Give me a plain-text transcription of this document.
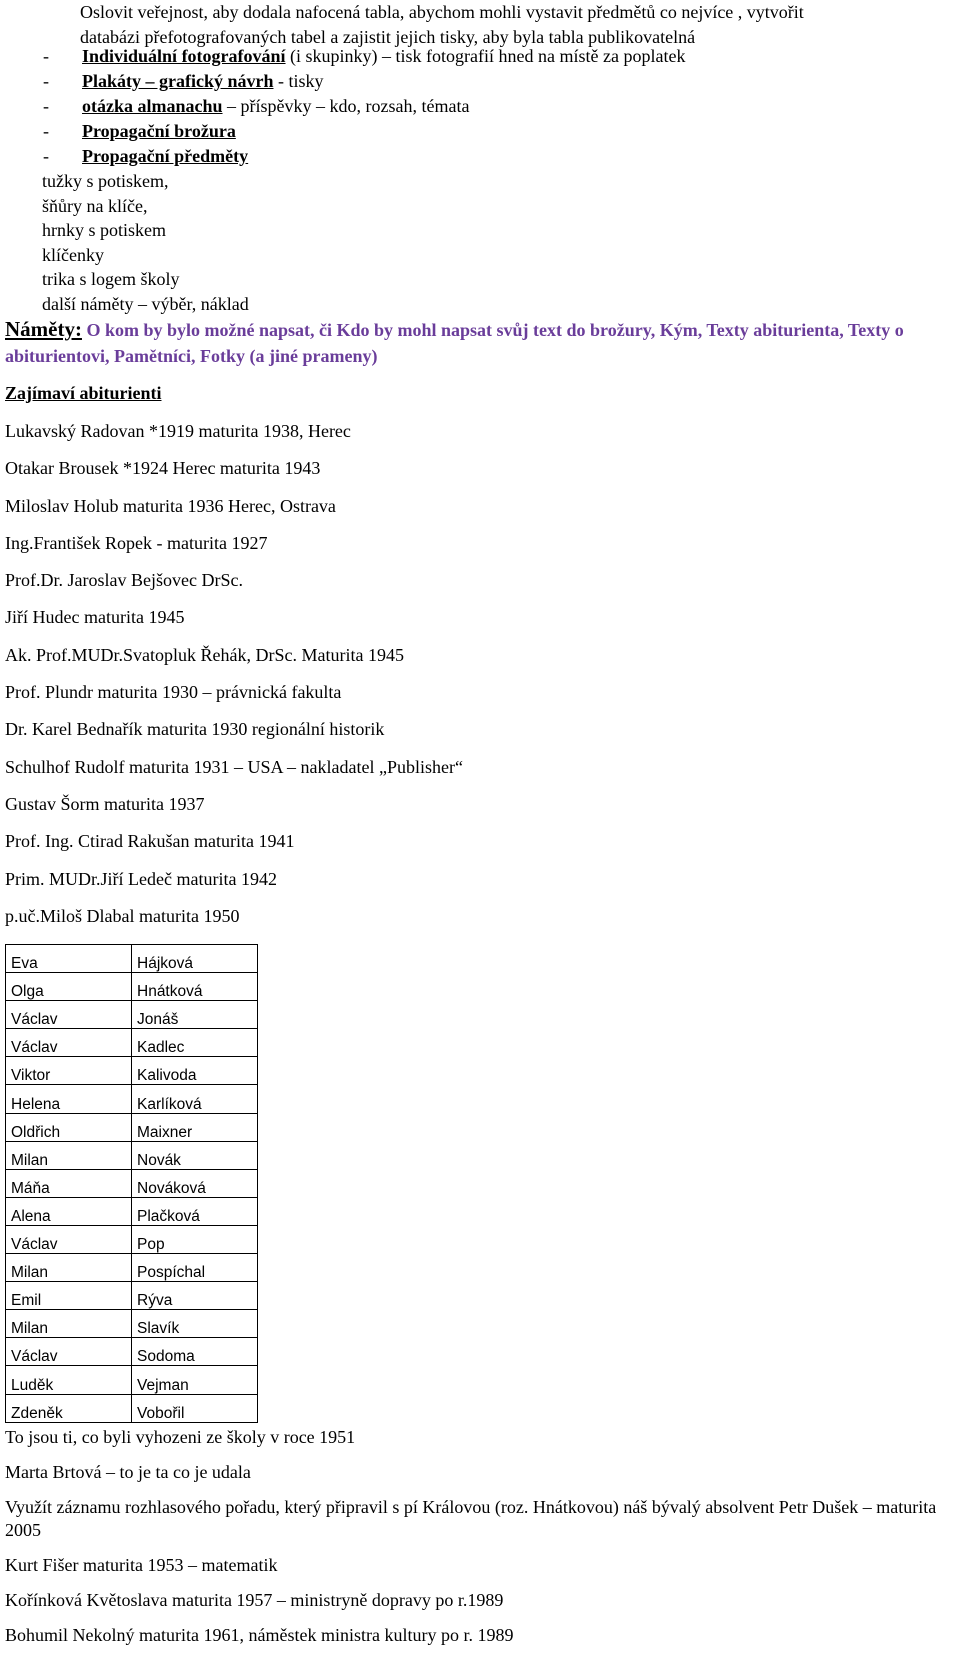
Oslovit veřejnost, aby dodala nafocená tabla, abychom mohli vystavit předmětů co nejvíce , vytvořit

databázi přefotografovaných tabel a zajistit jejich tisky, aby byla tabla publikovatelná

- Individuální fotografování (i skupinky) – tisk fotografií hned na místě za poplatek
- Plakáty – grafický návrh - tisky
- otázka almanachu – příspěvky – kdo, rozsah, témata
- Propagační brožura
- Propagační předměty
tužky s potiskem,
šňůry na klíče,
hrnky s potiskem
klíčenky
trika s logem školy
další náměty – výběr, náklad
Náměty: O kom by bylo možné napsat, či Kdo by mohl napsat svůj text do brožury, Kým, Texty abiturienta, Texty o abiturientovi, Pamětníci, Fotky (a jiné prameny)
Zajímaví abiturienti
Lukavský Radovan *1919 maturita 1938, Herec
Otakar Brousek *1924 Herec maturita 1943
Miloslav Holub maturita 1936 Herec, Ostrava
Ing.František Ropek - maturita 1927
Prof.Dr. Jaroslav Bejšovec DrSc.
Jiří Hudec maturita 1945
Ak. Prof.MUDr.Svatopluk Řehák, DrSc. Maturita 1945
Prof. Plundr maturita 1930 – právnická fakulta
Dr. Karel Bednařík maturita 1930 regionální historik
Schulhof Rudolf maturita 1931 – USA – nakladatel „Publisher“
Gustav Šorm maturita 1937
Prof. Ing. Ctirad Rakušan maturita 1941
Prim. MUDr.Jiří Ledeč maturita 1942
p.uč.Miloš Dlabal maturita 1950
Eva	Hájková
Olga	Hnátková
Václav	Jonáš
Václav	Kadlec
Viktor	Kalivoda
Helena	Karlíková
Oldřich	Maixner
Milan	Novák
Máňa	Nováková
Alena	Plačková
Václav	Pop
Milan	Pospíchal
Emil	Rýva
Milan	Slavík
Václav	Sodoma
Luděk	Vejman
Zdeněk	Vobořil

To jsou ti, co byli vyhozeni ze školy v roce 1951

Marta Brtová – to je ta co je udala

Využít záznamu rozhlasového pořadu, který připravil s pí Královou (roz. Hnátkovou) náš bývalý absolvent Petr Dušek – maturita 2005

Kurt Fišer maturita 1953 – matematik

Kořínková Květoslava maturita 1957 – ministryně dopravy po r.1989

Bohumil Nekolný maturita 1961, náměstek ministra kultury po r. 1989
